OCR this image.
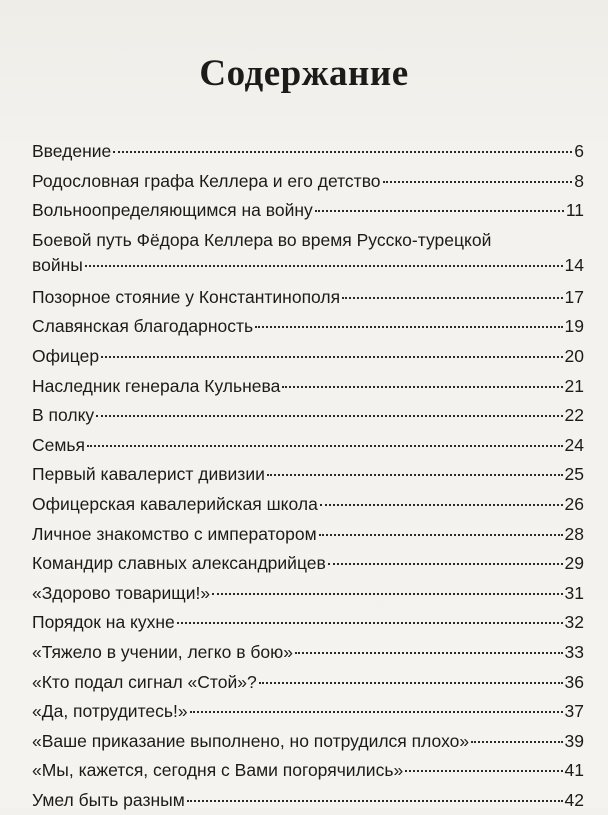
Содержание
Введение	6
Родословная графа Келлера и его детство	8
Вольноопределяющимся на войну	11
Боевой путь Фёдора Келлера во время Русско-турецкой
войны	14
Позорное стояние у Константинополя	17
Славянская благодарность	19
Офицер	20
Наследник генерала Кульнева	21
В полку	22
Семья	24
Первый кавалерист дивизии	25
Офицерская кавалерийская школа	26
Личное знакомство с императором	28
Командир славных александрийцев	29
«Здорово товарищи!»	31
Порядок на кухне	32
«Тяжело в учении, легко в бою»	33
«Кто подал сигнал «Стой»?	36
«Да, потрудитесь!»	37
«Ваше приказание выполнено, но потрудился плохо»	39
«Мы, кажется, сегодня с Вами погорячились»	41
Умел быть разным	42
